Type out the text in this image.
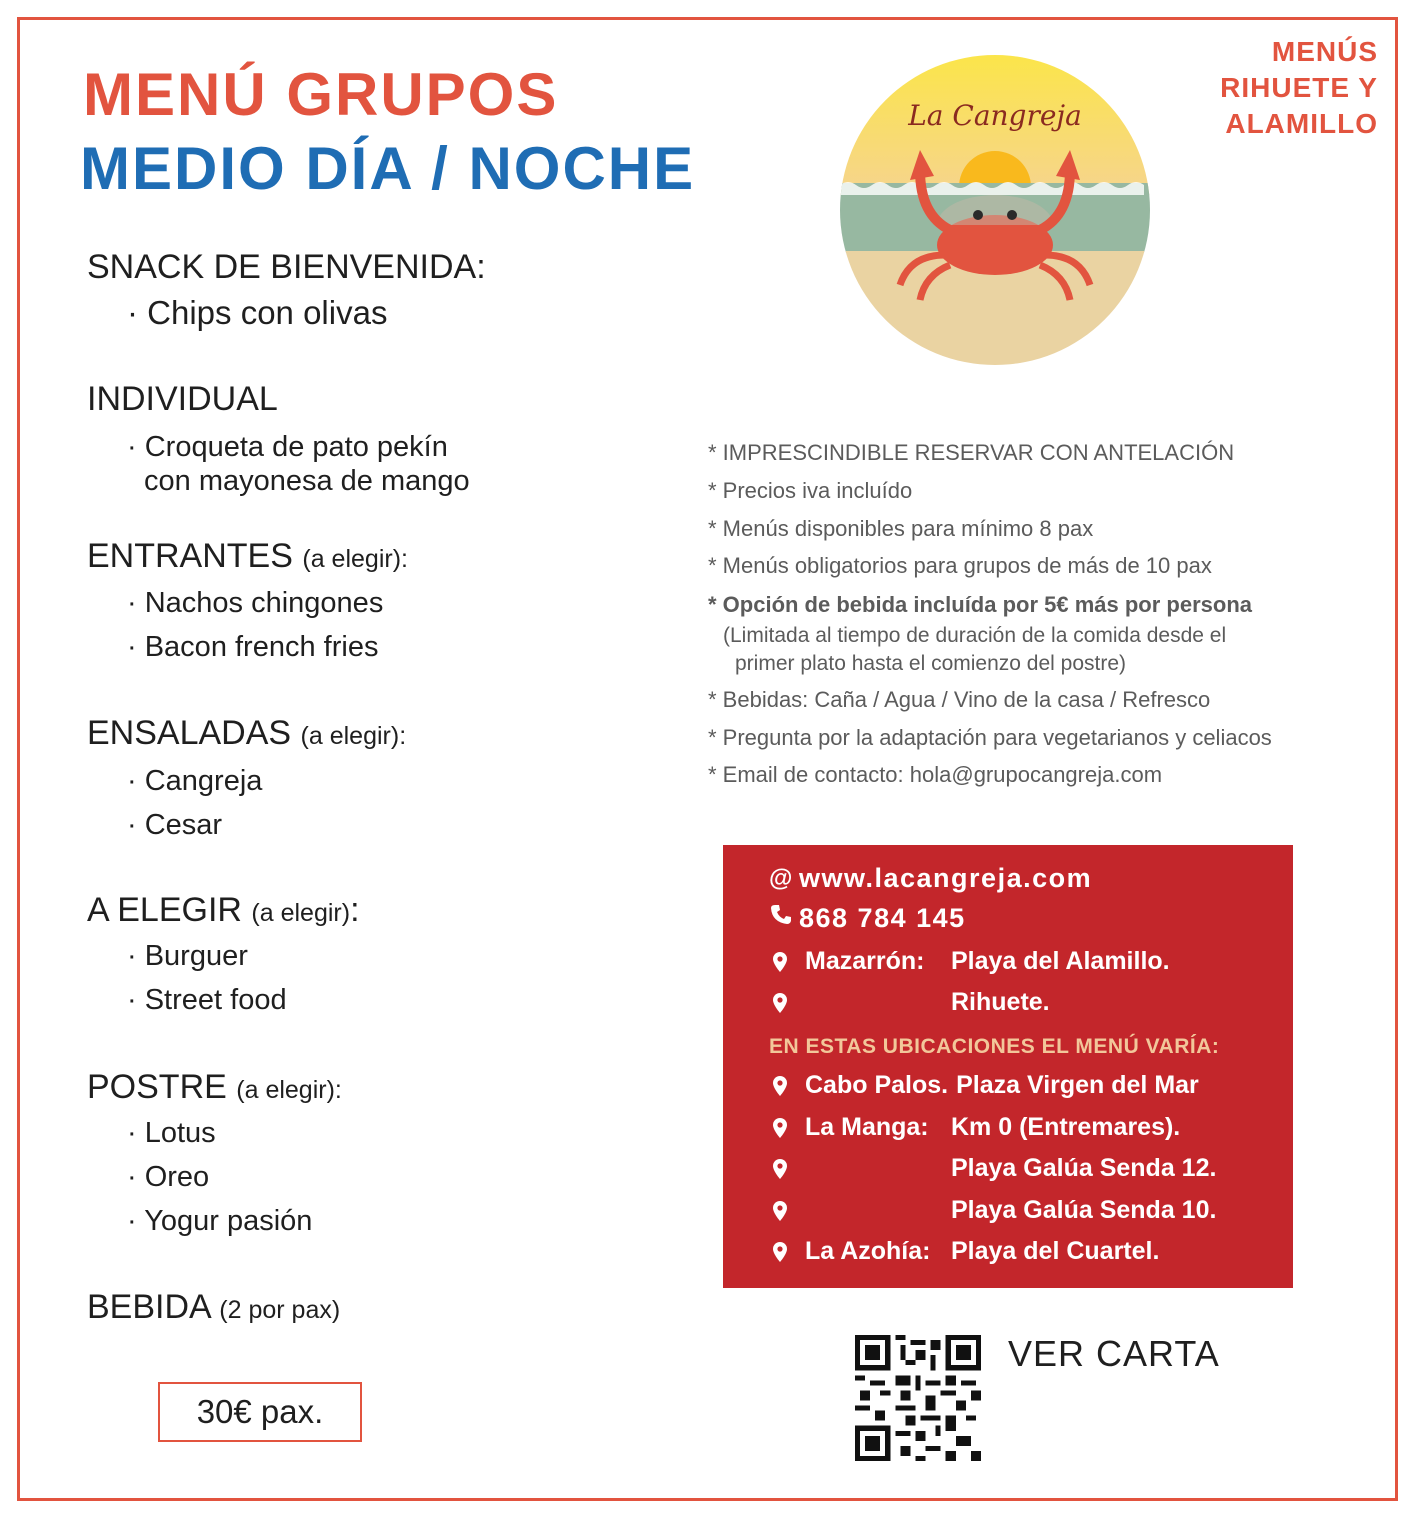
MENÚ GRUPOS
MEDIO DÍA / NOCHE
MENÚS
RIHUETE Y
ALAMILLO
La Cangreja
SNACK DE BIENVENIDA:
· Chips con olivas
INDIVIDUAL
· Croqueta de pato pekín
con mayonesa de mango
ENTRANTES (a elegir):
· Nachos chingones
· Bacon french fries
ENSALADAS (a elegir):
· Cangreja
· Cesar
A ELEGIR (a elegir):
· Burguer
· Street food
POSTRE (a elegir):
· Lotus
· Oreo
· Yogur pasión
BEBIDA (2 por pax)
30€ pax.
* IMPRESCINDIBLE RESERVAR CON ANTELACIÓN
* Precios iva incluído
* Menús disponibles para mínimo 8 pax
* Menús obligatorios para grupos de más de 10 pax
* Opción de bebida incluída por 5€ más por persona
(Limitada al tiempo de duración de la comida desde el
primer plato hasta el comienzo del postre)
* Bebidas: Caña / Agua / Vino de la casa / Refresco
* Pregunta por la adaptación para vegetarianos y celiacos
* Email de contacto: hola@grupocangreja.com
@ www.lacangreja.com
868 784 145
Mazarrón:	Playa del Alamillo.
Rihuete.
EN ESTAS UBICACIONES EL MENÚ VARÍA:
Cabo Palos. Plaza Virgen del Mar
La Manga: Km 0 (Entremares).
Playa Galúa Senda 12.
Playa Galúa Senda 10.
La Azohía: Playa del Cuartel.
VER CARTA
